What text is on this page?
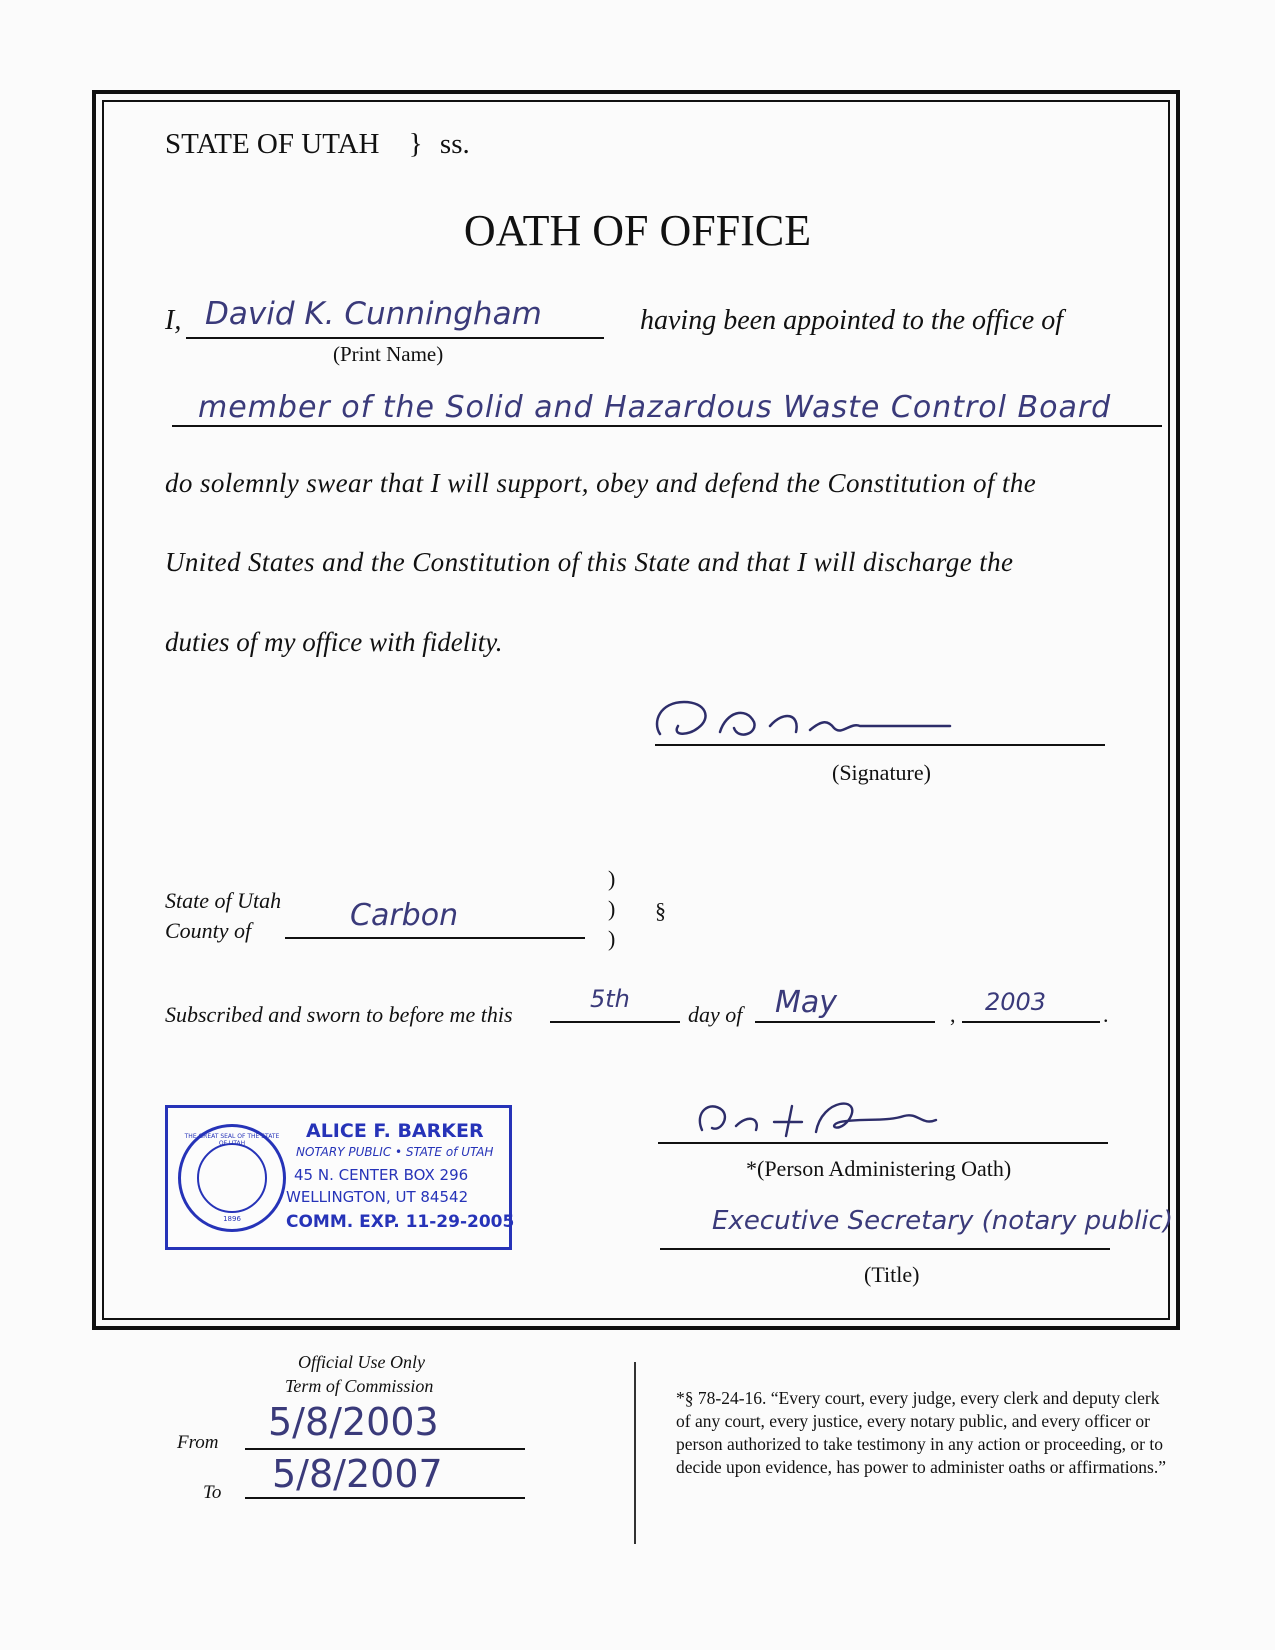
STATE OF UTAH } ss.
OATH OF OFFICE
I, David K. Cunningham
(Print Name)
having been appointed to the office of
member of the Solid and Hazardous Waste Control Board
do solemnly swear that I will support, obey and defend the Constitution of the
United States and the Constitution of this State and that I will discharge the
duties of my office with fidelity.
(Signature)
State of Utah
County of	Carbon
)
)
)
§
Subscribed and sworn to before me this
5th
day of May	, 2003	.
THE GREAT SEAL OF THE STATE OF UTAH
1896
ALICE F. BARKER
NOTARY PUBLIC • STATE of UTAH
45 N. CENTER BOX 296
WELLINGTON, UT 84542
COMM. EXP. 11-29-2005
*(Person Administering Oath)
Executive Secretary (notary public)
(Title)
Official Use Only
Term of Commission
From 5/8/2003
To 5/8/2007
*§ 78-24-16. “Every court, every judge, every clerk and deputy clerk of any court, every justice, every notary public, and every officer or person authorized to take testimony in any action or proceeding, or to decide upon evidence, has power to administer oaths or affirmations.”
